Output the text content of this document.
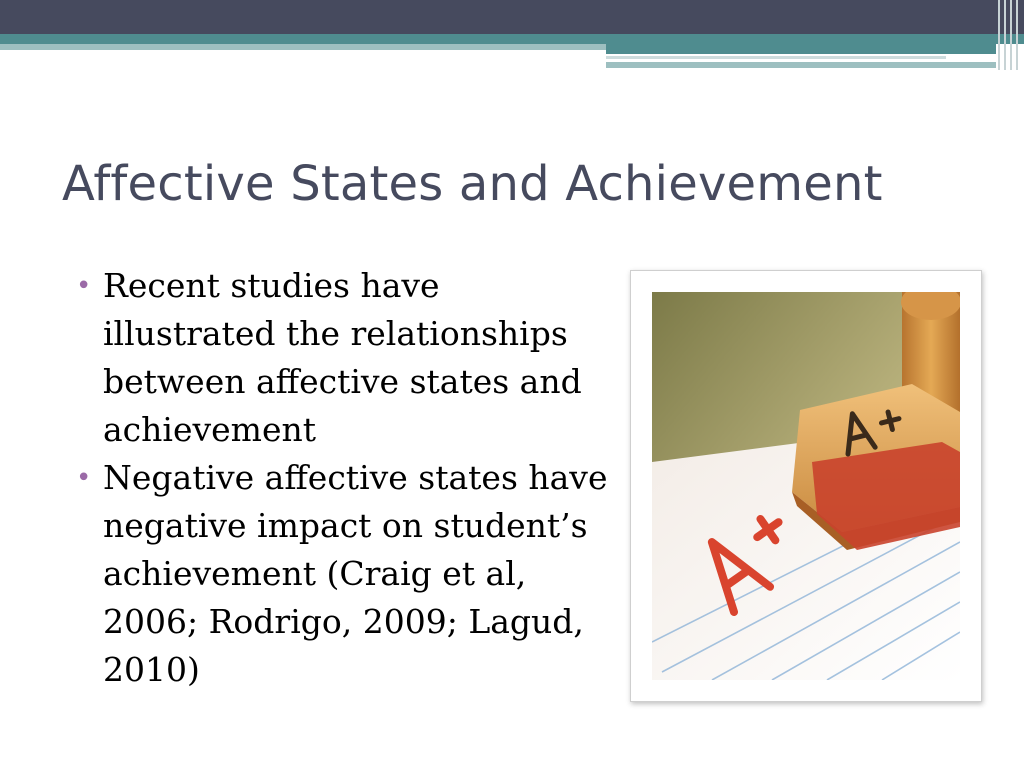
Affective States and Achievement
• Recent studies have illustrated the relationships between affective states and achievement
• Negative affective states have negative impact on student’s achievement (Craig et al, 2006; Rodrigo, 2009; Lagud, 2010)
